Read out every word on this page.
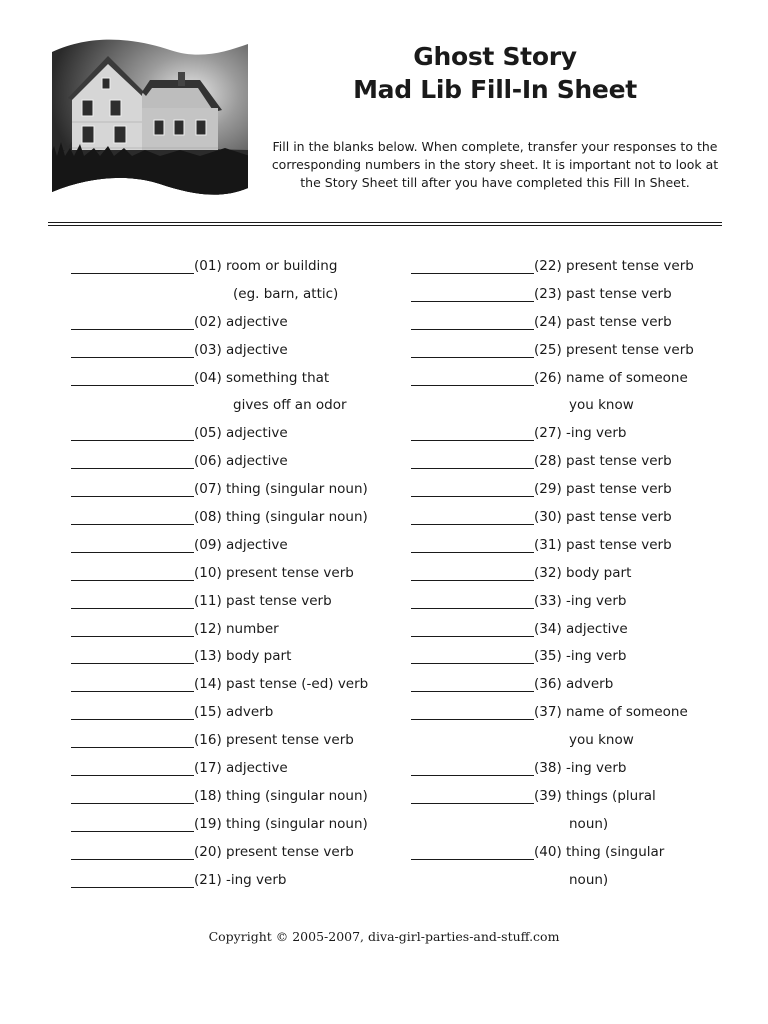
Ghost Story
Mad Lib Fill-In Sheet

Fill in the blanks below. When complete, transfer your responses to the corresponding numbers in the story sheet. It is important not to look at the Story Sheet till after you have completed this Fill In Sheet.

(01) room or building
(eg. barn, attic)
(02) adjective
(03) adjective
(04) something that
gives off an odor
(05) adjective
(06) adjective
(07) thing (singular noun)
(08) thing (singular noun)
(09) adjective
(10) present tense verb
(11) past tense verb
(12) number
(13) body part
(14) past tense (-ed) verb
(15) adverb
(16) present tense verb
(17) adjective
(18) thing (singular noun)
(19) thing (singular noun)
(20) present tense verb
(21) -ing verb
(22) present tense verb
(23) past tense verb
(24) past tense verb
(25) present tense verb
(26) name of someone
you know
(27) -ing verb
(28) past tense verb
(29) past tense verb
(30) past tense verb
(31) past tense verb
(32) body part
(33) -ing verb
(34) adjective
(35) -ing verb
(36) adverb
(37) name of someone
you know
(38) -ing verb
(39) things (plural
noun)
(40) thing (singular
noun)

Copyright © 2005-2007, diva-girl-parties-and-stuff.com
